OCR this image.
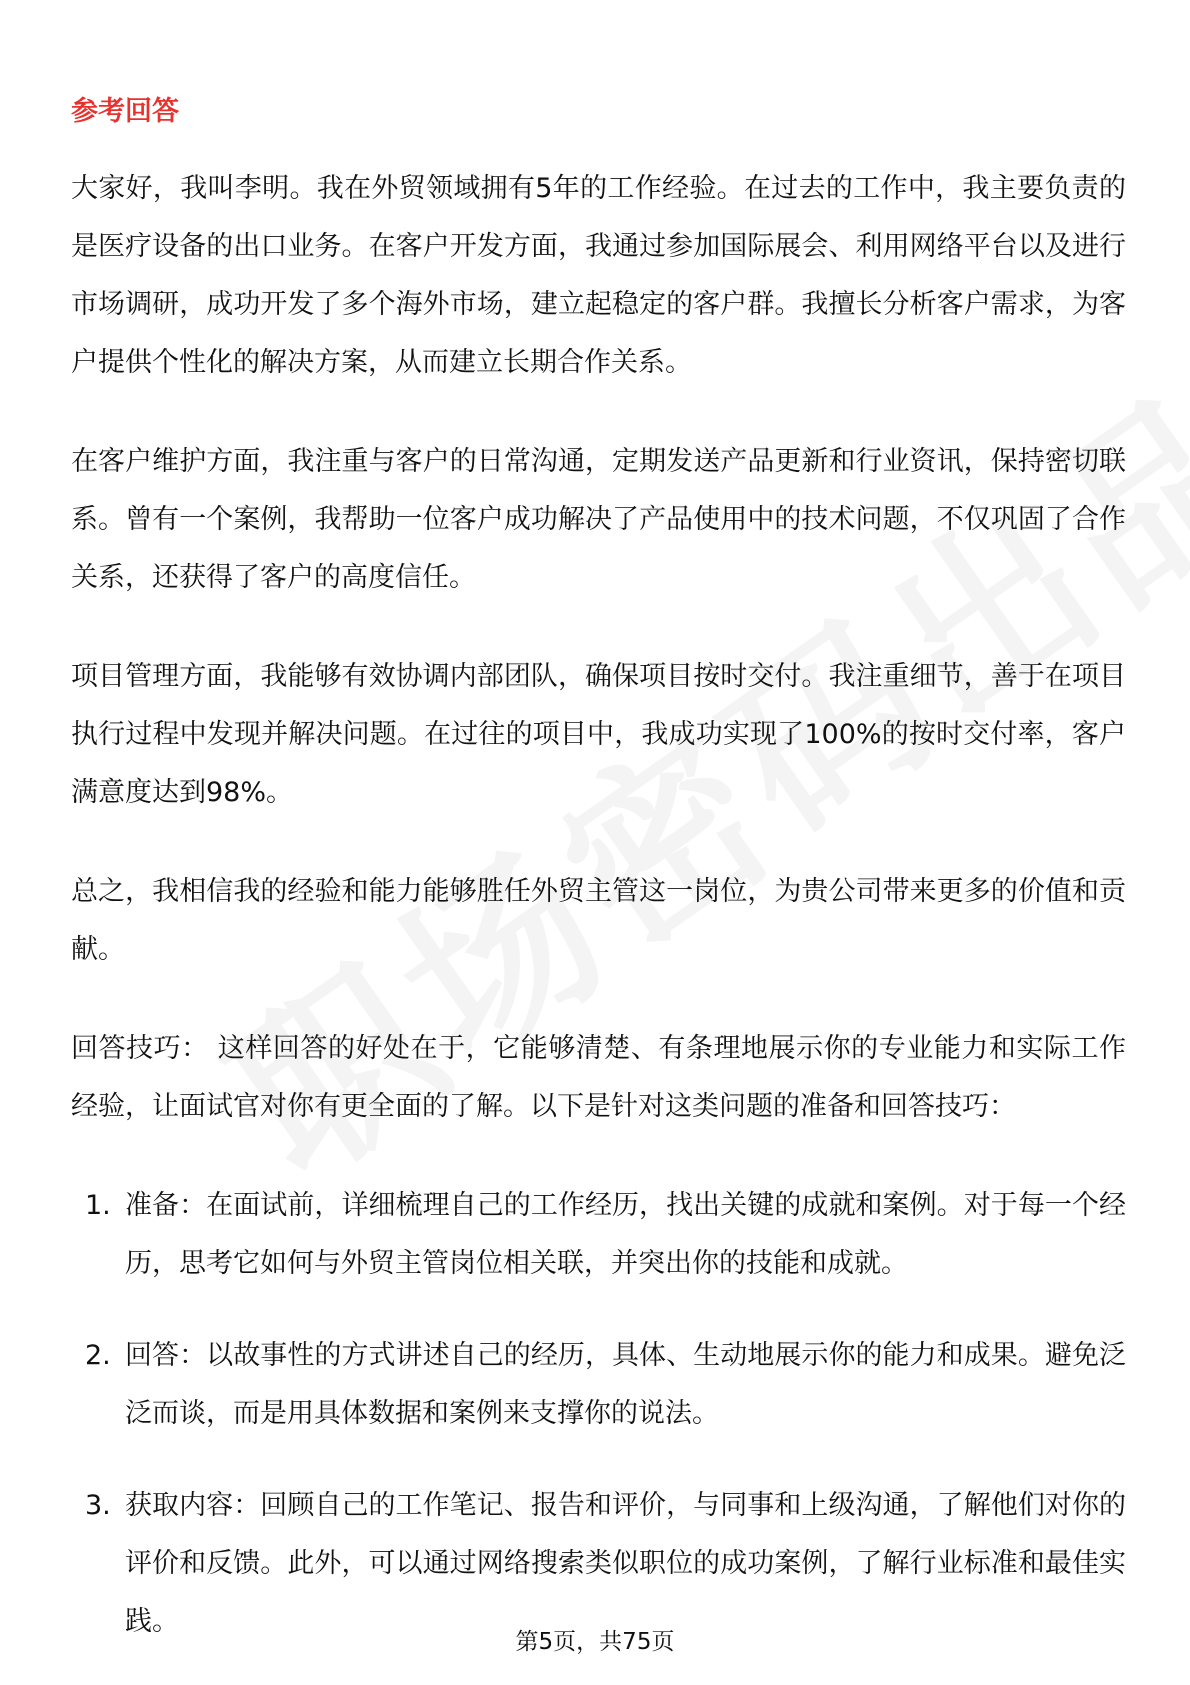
参考回答

大家好，我叫李明。我在外贸领域拥有5年的工作经验。在过去的工作中，我主要负责的是医疗设备的出口业务。在客户开发方面，我通过参加国际展会、利用网络平台以及进行市场调研，成功开发了多个海外市场，建立起稳定的客户群。我擅长分析客户需求，为客户提供个性化的解决方案，从而建立长期合作关系。

在客户维护方面，我注重与客户的日常沟通，定期发送产品更新和行业资讯，保持密切联系。曾有一个案例，我帮助一位客户成功解决了产品使用中的技术问题，不仅巩固了合作关系，还获得了客户的高度信任。

项目管理方面，我能够有效协调内部团队，确保项目按时交付。我注重细节，善于在项目执行过程中发现并解决问题。在过往的项目中，我成功实现了100%的按时交付率，客户满意度达到98%。

总之，我相信我的经验和能力能够胜任外贸主管这一岗位，为贵公司带来更多的价值和贡献。

回答技巧： 这样回答的好处在于，它能够清楚、有条理地展示你的专业能力和实际工作经验，让面试官对你有更全面的了解。以下是针对这类问题的准备和回答技巧：

1. 准备：在面试前，详细梳理自己的工作经历，找出关键的成就和案例。对于每一个经历，思考它如何与外贸主管岗位相关联，并突出你的技能和成就。
2. 回答：以故事性的方式讲述自己的经历，具体、生动地展示你的能力和成果。避免泛泛而谈，而是用具体数据和案例来支撑你的说法。
3. 获取内容：回顾自己的工作笔记、报告和评价，与同事和上级沟通，了解他们对你的评价和反馈。此外，可以通过网络搜索类似职位的成功案例，了解行业标准和最佳实践。
第5页，共75页
